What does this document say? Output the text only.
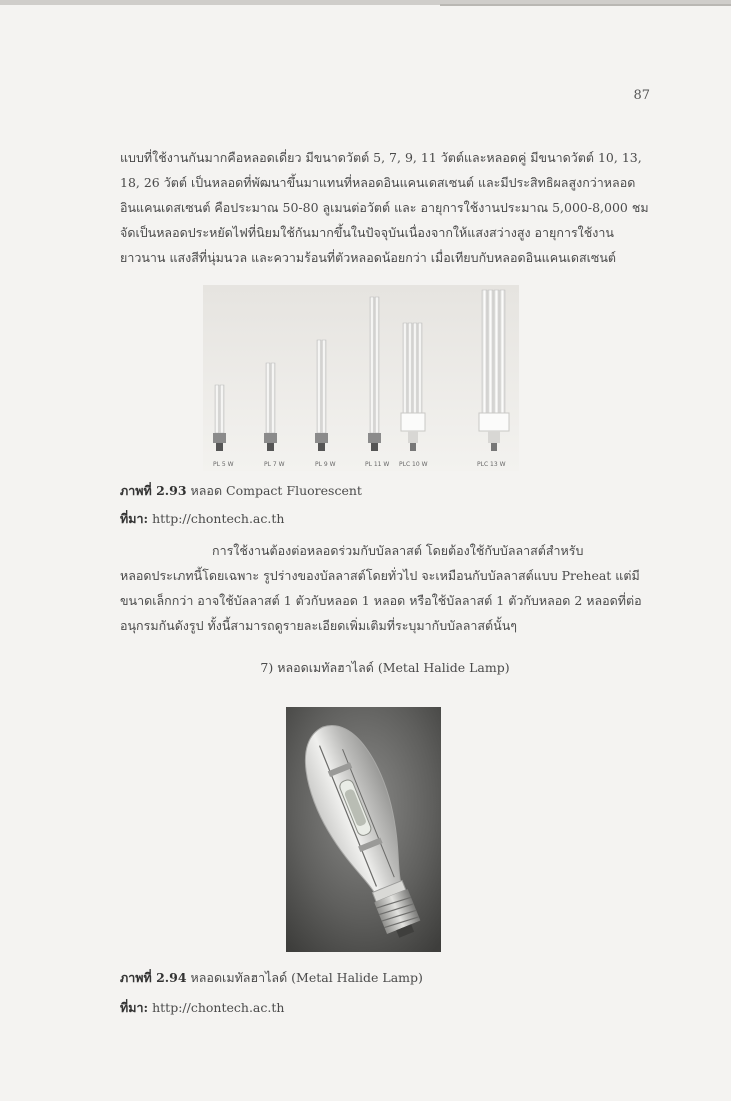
87
แบบที่ใช้งานกันมากคือหลอดเดี่ยว มีขนาดวัตต์ 5, 7, 9, 11 วัตต์และหลอดคู่ มีขนาดวัตต์ 10, 13,
18, 26 วัตต์ เป็นหลอดที่พัฒนาขึ้นมาแทนที่หลอดอินแคนเดสเซนต์ และมีประสิทธิผลสูงกว่าหลอด
อินแคนเดสเซนต์ คือประมาณ 50-80 ลูเมนต่อวัตต์ และ อายุการใช้งานประมาณ 5,000-8,000 ชม
จัดเป็นหลอดประหยัดไฟที่นิยมใช้กันมากขึ้นในปัจจุบันเนื่องจากให้แสงสว่างสูง อายุการใช้งาน
ยาวนาน แสงสีที่นุ่มนวล และความร้อนที่ตัวหลอดน้อยกว่า เมื่อเทียบกับหลอดอินแคนเดสเซนต์
PL 5 W	PL 7 W	PL 9 W	PL 11 W PLC 10 W	PLC 13 W
ภาพที่ 2.93 หลอด Compact Fluorescent
ที่มา: http://chontech.ac.th
การใช้งานต้องต่อหลอดร่วมกับบัลลาสต์ โดยต้องใช้กับบัลลาสต์สำหรับ
หลอดประเภทนี้โดยเฉพาะ รูปร่างของบัลลาสต์โดยทั่วไป จะเหมือนกับบัลลาสต์แบบ Preheat แต่มี
ขนาดเล็กกว่า อาจใช้บัลลาสต์ 1 ตัวกับหลอด 1 หลอด หรือใช้บัลลาสต์ 1 ตัวกับหลอด 2 หลอดที่ต่อ
อนุกรมกันดังรูป ทั้งนี้สามารถดูรายละเอียดเพิ่มเติมที่ระบุมากับบัลลาสต์นั้นๆ
7) หลอดเมทัลฮาไลด์ (Metal Halide Lamp)
ภาพที่ 2.94 หลอดเมทัลฮาไลด์ (Metal Halide Lamp)
ที่มา: http://chontech.ac.th
